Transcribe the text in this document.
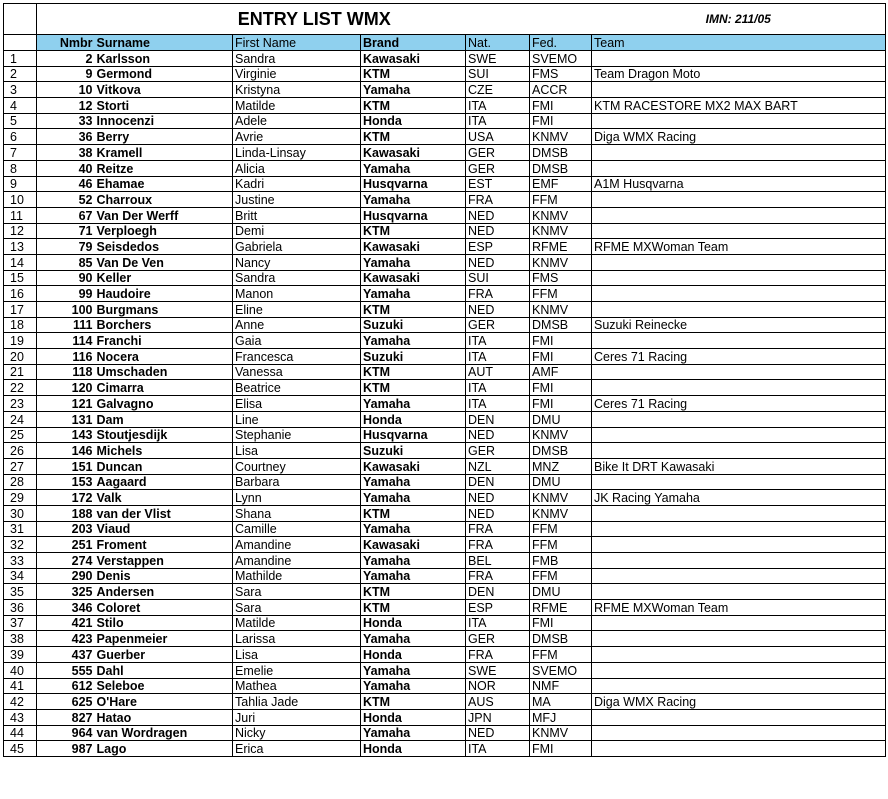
	ENTRY LIST WMX						IMN: 211/05
	Nmbr	Surname	First Name	Brand	Nat.	Fed.	Team
1	2	Karlsson	Sandra	Kawasaki	SWE	SVEMO	
2	9	Germond	Virginie	KTM	SUI	FMS	Team Dragon Moto
3	10	Vitkova	Kristyna	Yamaha	CZE	ACCR	
4	12	Storti	Matilde	KTM	ITA	FMI	KTM RACESTORE MX2 MAX BART
5	33	Innocenzi	Adele	Honda	ITA	FMI	
6	36	Berry	Avrie	KTM	USA	KNMV	Diga WMX Racing
7	38	Kramell	Linda-Linsay	Kawasaki	GER	DMSB	
8	40	Reitze	Alicia	Yamaha	GER	DMSB	
9	46	Ehamae	Kadri	Husqvarna	EST	EMF	A1M Husqvarna
10	52	Charroux	Justine	Yamaha	FRA	FFM	
11	67	Van Der Werff	Britt	Husqvarna	NED	KNMV	
12	71	Verploegh	Demi	KTM	NED	KNMV	
13	79	Seisdedos	Gabriela	Kawasaki	ESP	RFME	RFME MXWoman Team
14	85	Van De Ven	Nancy	Yamaha	NED	KNMV	
15	90	Keller	Sandra	Kawasaki	SUI	FMS	
16	99	Haudoire	Manon	Yamaha	FRA	FFM	
17	100	Burgmans	Eline	KTM	NED	KNMV	
18	111	Borchers	Anne	Suzuki	GER	DMSB	Suzuki Reinecke
19	114	Franchi	Gaia	Yamaha	ITA	FMI	
20	116	Nocera	Francesca	Suzuki	ITA	FMI	Ceres 71 Racing
21	118	Umschaden	Vanessa	KTM	AUT	AMF	
22	120	Cimarra	Beatrice	KTM	ITA	FMI	
23	121	Galvagno	Elisa	Yamaha	ITA	FMI	Ceres 71 Racing
24	131	Dam	Line	Honda	DEN	DMU	
25	143	Stoutjesdijk	Stephanie	Husqvarna	NED	KNMV	
26	146	Michels	Lisa	Suzuki	GER	DMSB	
27	151	Duncan	Courtney	Kawasaki	NZL	MNZ	Bike It DRT Kawasaki
28	153	Aagaard	Barbara	Yamaha	DEN	DMU	
29	172	Valk	Lynn	Yamaha	NED	KNMV	JK Racing Yamaha
30	188	van der Vlist	Shana	KTM	NED	KNMV	
31	203	Viaud	Camille	Yamaha	FRA	FFM	
32	251	Froment	Amandine	Kawasaki	FRA	FFM	
33	274	Verstappen	Amandine	Yamaha	BEL	FMB	
34	290	Denis	Mathilde	Yamaha	FRA	FFM	
35	325	Andersen	Sara	KTM	DEN	DMU	
36	346	Coloret	Sara	KTM	ESP	RFME	RFME MXWoman Team
37	421	Stilo	Matilde	Honda	ITA	FMI	
38	423	Papenmeier	Larissa	Yamaha	GER	DMSB	
39	437	Guerber	Lisa	Honda	FRA	FFM	
40	555	Dahl	Emelie	Yamaha	SWE	SVEMO	
41	612	Seleboe	Mathea	Yamaha	NOR	NMF	
42	625	O'Hare	Tahlia Jade	KTM	AUS	MA	Diga WMX Racing
43	827	Hatao	Juri	Honda	JPN	MFJ	
44	964	van Wordragen	Nicky	Yamaha	NED	KNMV	
45	987	Lago	Erica	Honda	ITA	FMI	
